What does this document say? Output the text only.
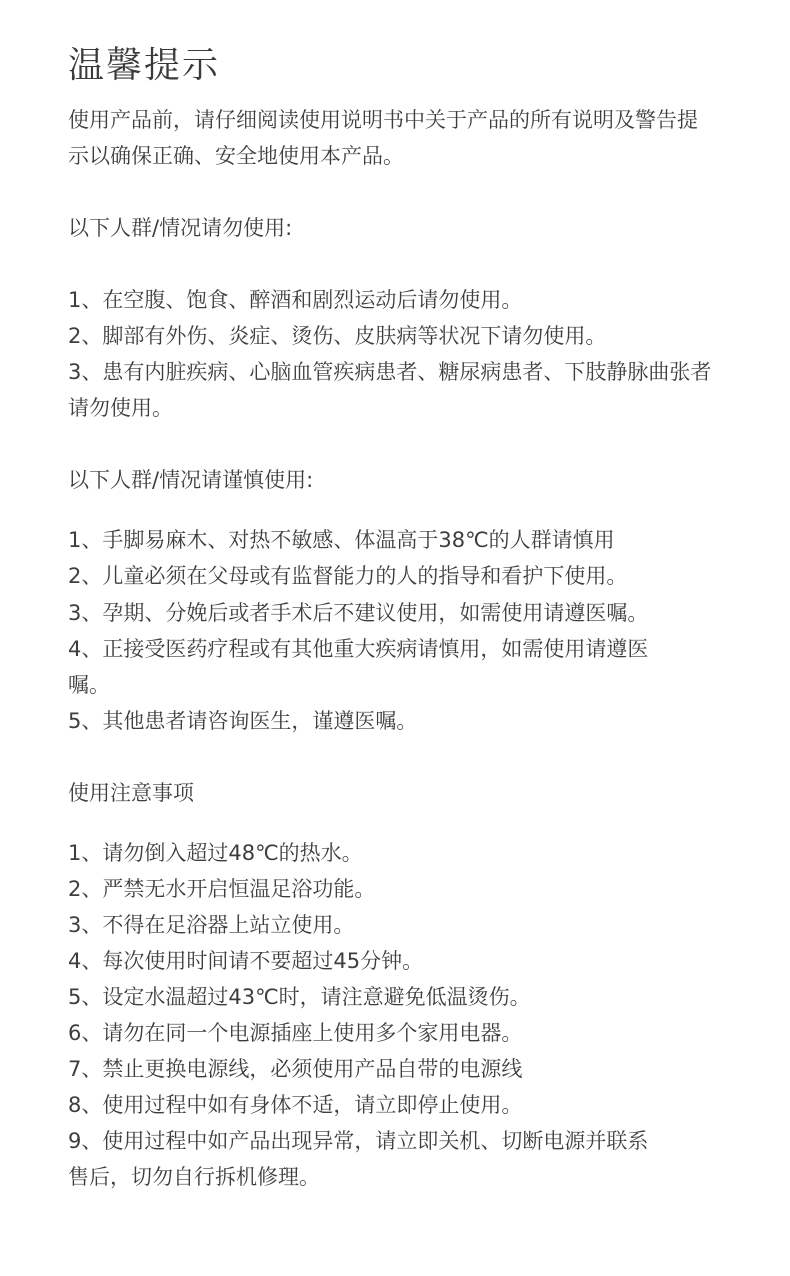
温馨提示
使用产品前，请仔细阅读使用说明书中关于产品的所有说明及警告提
示以确保正确、安全地使用本产品。
以下人群/情况请勿使用:
1、在空腹、饱食、醉酒和剧烈运动后请勿使用。
2、脚部有外伤、炎症、烫伤、皮肤病等状况下请勿使用。
3、患有内脏疾病、心脑血管疾病患者、糖尿病患者、下肢静脉曲张者
请勿使用。
以下人群/情况请谨慎使用:
1、手脚易麻木、对热不敏感、体温高于38℃的人群请慎用
2、儿童必须在父母或有监督能力的人的指导和看护下使用。
3、孕期、分娩后或者手术后不建议使用，如需使用请遵医嘱。
4、正接受医药疗程或有其他重大疾病请慎用，如需使用请遵医
嘱。
5、其他患者请咨询医生，谨遵医嘱。
使用注意事项
1、请勿倒入超过48℃的热水。
2、严禁无水开启恒温足浴功能。
3、不得在足浴器上站立使用。
4、每次使用时间请不要超过45分钟。
5、设定水温超过43℃时，请注意避免低温烫伤。
6、请勿在同一个电源插座上使用多个家用电器。
7、禁止更换电源线，必须使用产品自带的电源线
8、使用过程中如有身体不适，请立即停止使用。
9、使用过程中如产品出现异常，请立即关机、切断电源并联系
售后，切勿自行拆机修理。
